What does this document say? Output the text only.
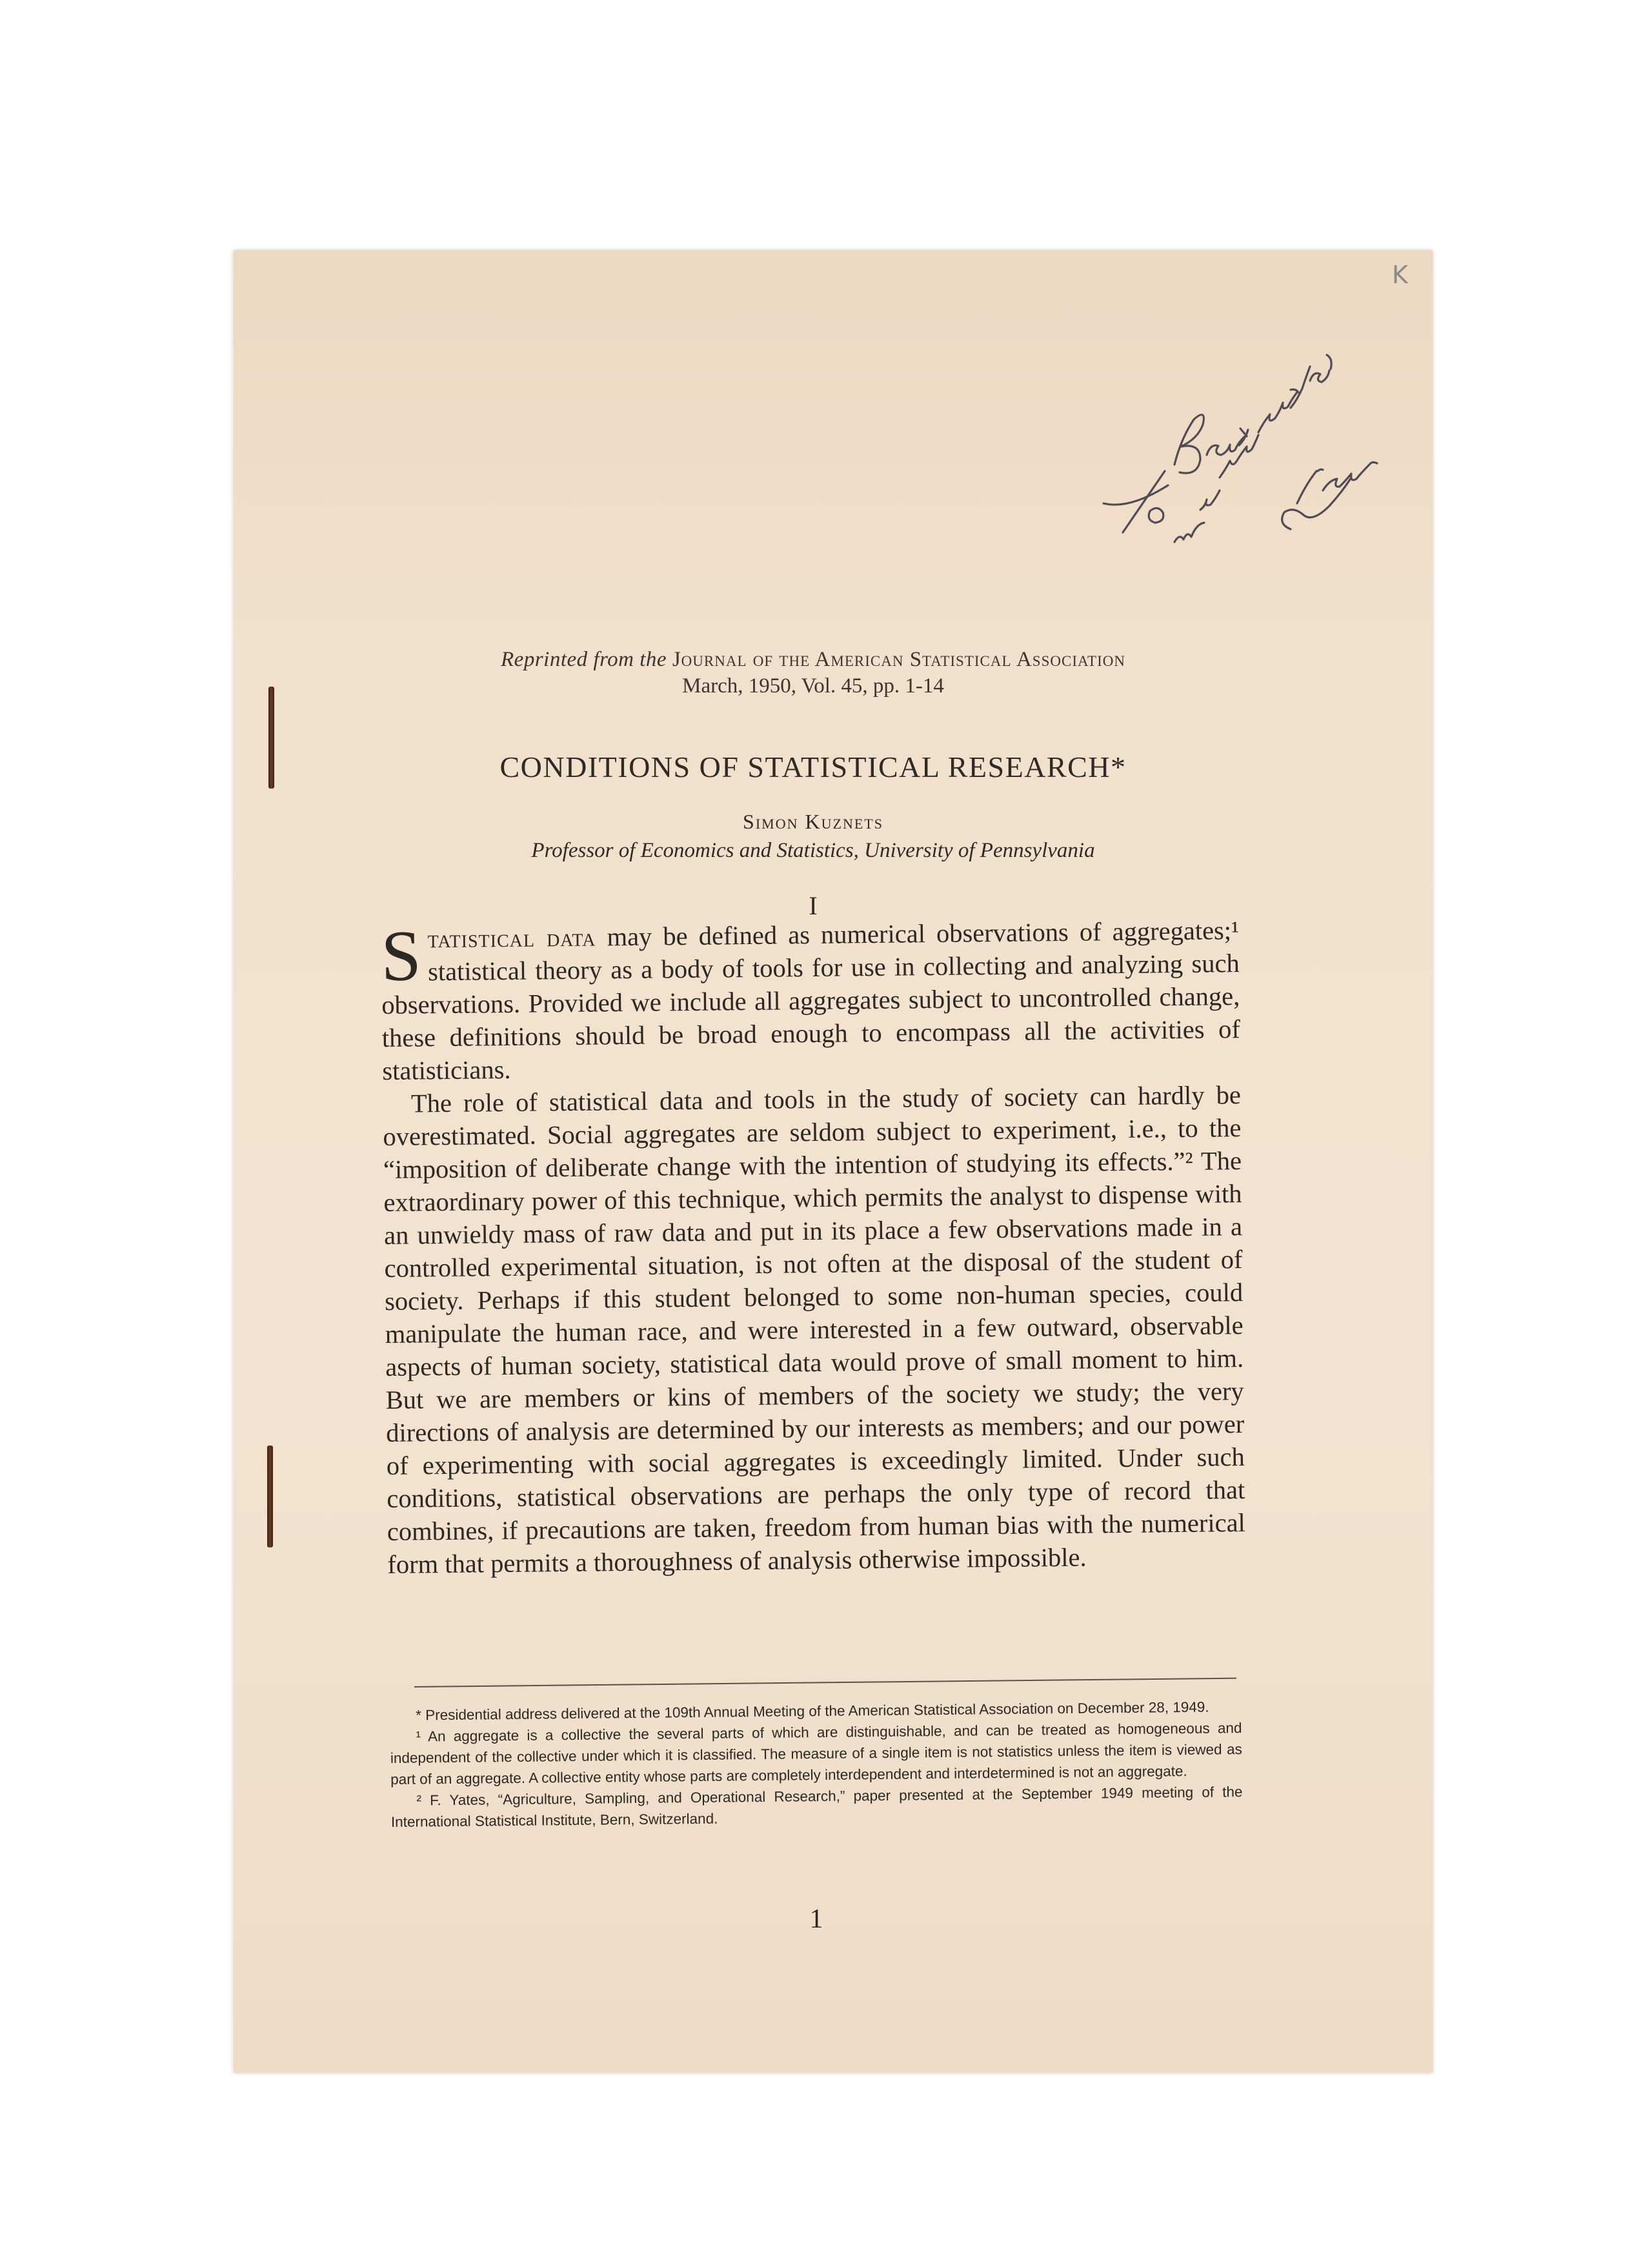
K
Reprinted from the Journal of the American Statistical Association
March, 1950, Vol. 45, pp. 1-14
CONDITIONS OF STATISTICAL RESEARCH*
Simon Kuznets
Professor of Economics and Statistics, University of Pennsylvania
I

Statistical data may be defined as numerical observations of aggregates;¹ statistical theory as a body of tools for use in collecting and analyzing such observations. Provided we include all aggregates subject to uncontrolled change, these definitions should be broad enough to encompass all the activities of statisticians.

The role of statistical data and tools in the study of society can hardly be overestimated. Social aggregates are seldom subject to experiment, i.e., to the “imposition of deliberate change with the intention of studying its effects.”² The extraordinary power of this technique, which permits the analyst to dispense with an unwieldy mass of raw data and put in its place a few observations made in a controlled experimental situation, is not often at the disposal of the student of society. Perhaps if this student belonged to some non-human species, could manipulate the human race, and were interested in a few outward, observable aspects of human society, statistical data would prove of small moment to him. But we are members or kins of members of the society we study; the very directions of analysis are determined by our interests as members; and our power of experimenting with social aggregates is exceedingly limited. Under such conditions, statistical observations are perhaps the only type of record that combines, if precautions are taken, freedom from human bias with the numerical form that permits a thoroughness of analysis otherwise impossible.

* Presidential address delivered at the 109th Annual Meeting of the American Statistical Association on December 28, 1949.

¹ An aggregate is a collective the several parts of which are distinguishable, and can be treated as homogeneous and independent of the collective under which it is classified. The measure of a single item is not statistics unless the item is viewed as part of an aggregate. A collective entity whose parts are completely interdependent and interdetermined is not an aggregate.

² F. Yates, “Agriculture, Sampling, and Operational Research,” paper presented at the September 1949 meeting of the International Statistical Institute, Bern, Switzerland.

1
